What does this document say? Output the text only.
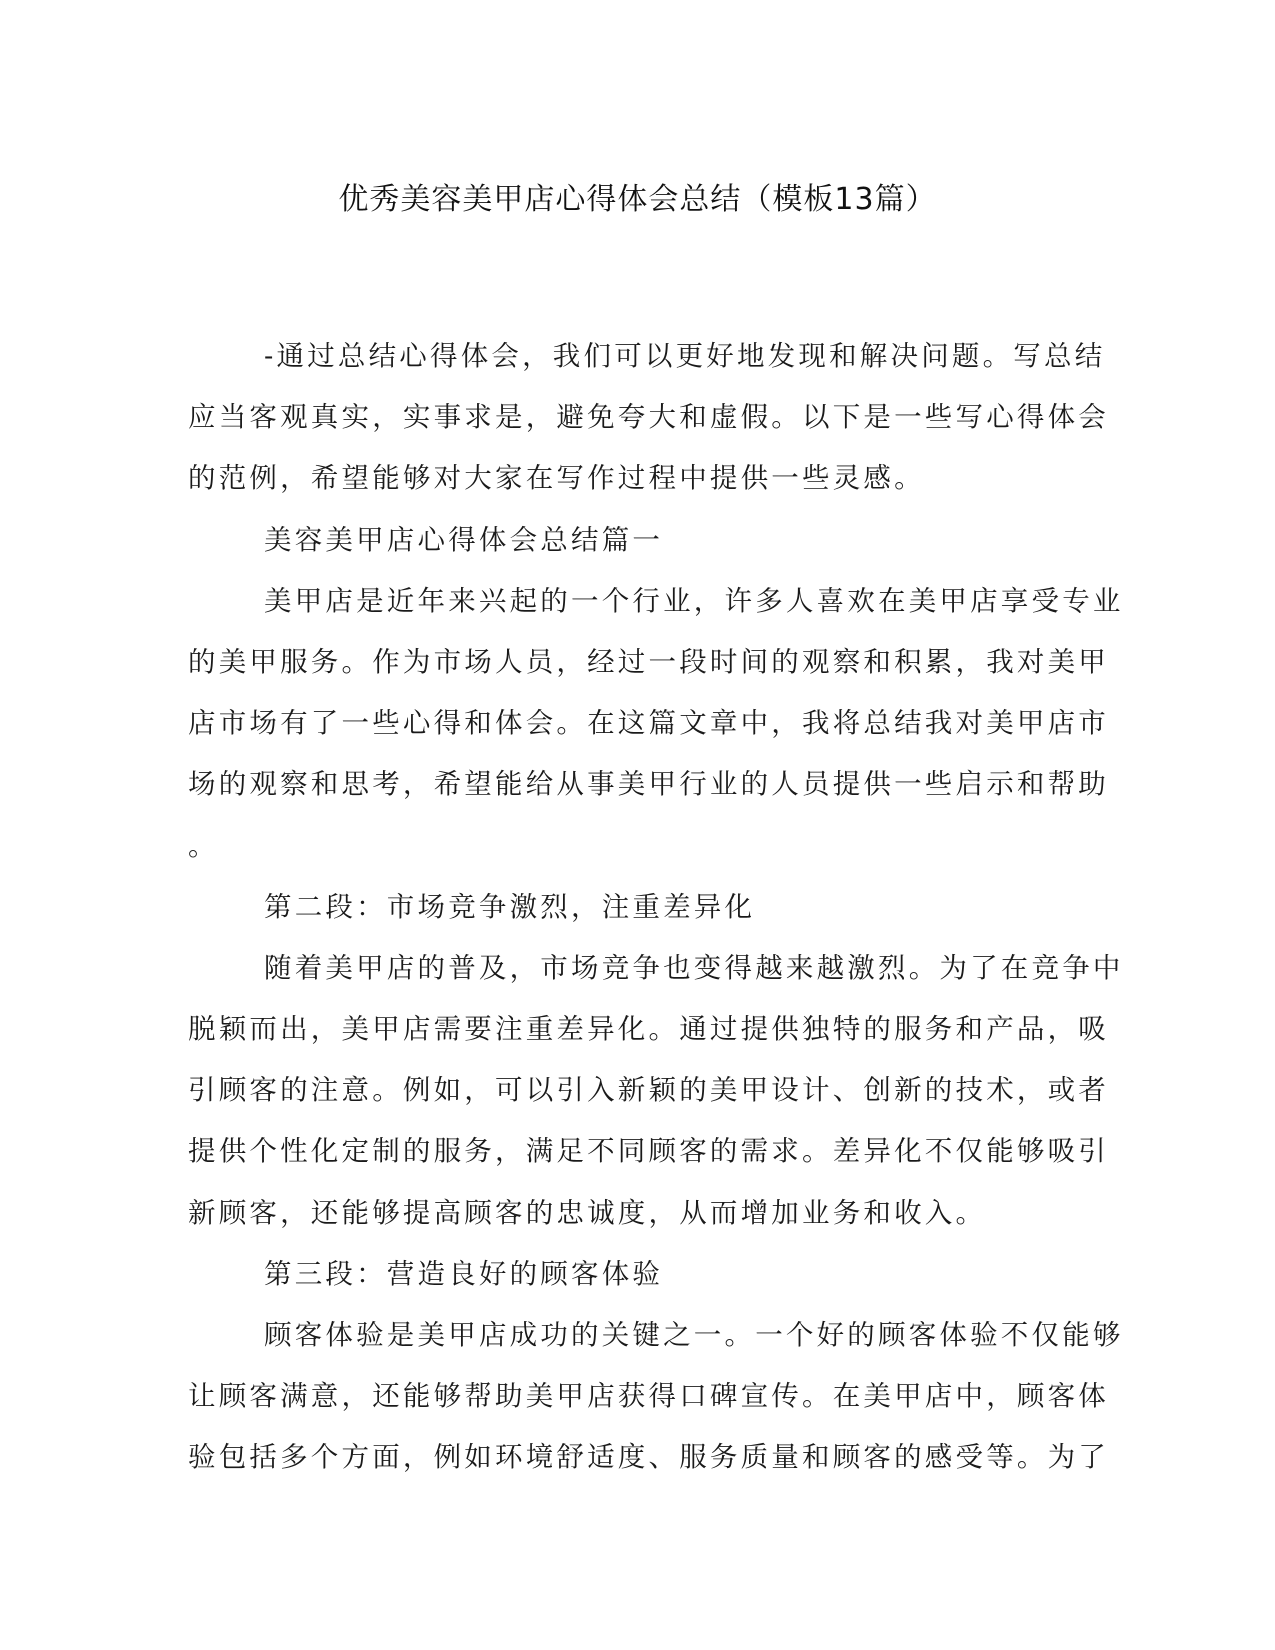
优秀美容美甲店心得体会总结（模板13篇）
-通过总结心得体会，我们可以更好地发现和解决问题。写总结
应当客观真实，实事求是，避免夸大和虚假。以下是一些写心得体会
的范例，希望能够对大家在写作过程中提供一些灵感。
美容美甲店心得体会总结篇一
美甲店是近年来兴起的一个行业，许多人喜欢在美甲店享受专业
的美甲服务。作为市场人员，经过一段时间的观察和积累，我对美甲
店市场有了一些心得和体会。在这篇文章中，我将总结我对美甲店市
场的观察和思考，希望能给从事美甲行业的人员提供一些启示和帮助
。
第二段：市场竞争激烈，注重差异化
随着美甲店的普及，市场竞争也变得越来越激烈。为了在竞争中
脱颖而出，美甲店需要注重差异化。通过提供独特的服务和产品，吸
引顾客的注意。例如，可以引入新颖的美甲设计、创新的技术，或者
提供个性化定制的服务，满足不同顾客的需求。差异化不仅能够吸引
新顾客，还能够提高顾客的忠诚度，从而增加业务和收入。
第三段：营造良好的顾客体验
顾客体验是美甲店成功的关键之一。一个好的顾客体验不仅能够
让顾客满意，还能够帮助美甲店获得口碑宣传。在美甲店中，顾客体
验包括多个方面，例如环境舒适度、服务质量和顾客的感受等。为了
